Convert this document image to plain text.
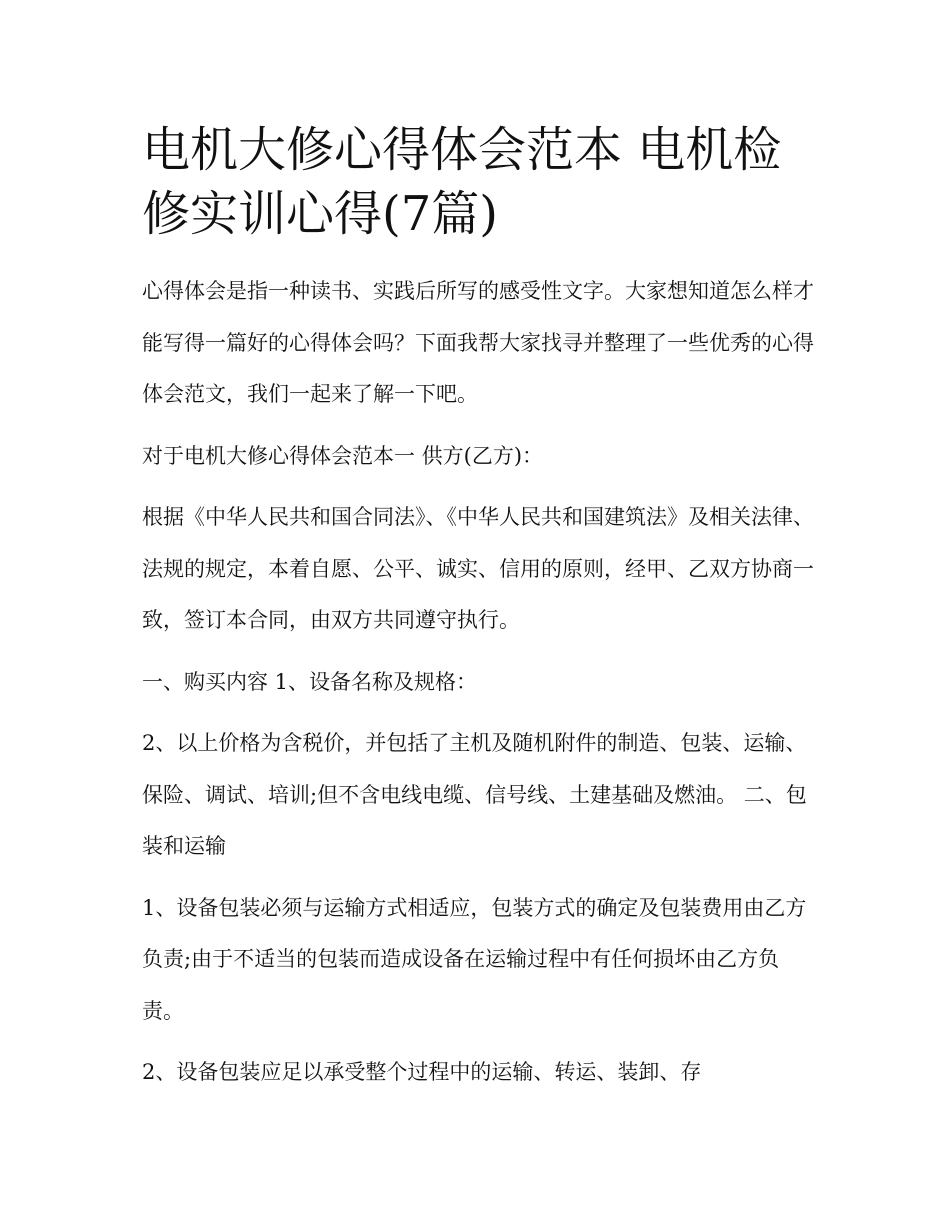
电机大修心得体会范本 电机检修实训心得(7篇)

心得体会是指一种读书、实践后所写的感受性文字。大家想知道怎么样才能写得一篇好的心得体会吗？下面我帮大家找寻并整理了一些优秀的心得体会范文，我们一起来了解一下吧。

对于电机大修心得体会范本一 供方(乙方)：

根据《中华人民共和国合同法》、《中华人民共和国建筑法》及相关法律、法规的规定，本着自愿、公平、诚实、信用的原则，经甲、乙双方协商一致，签订本合同，由双方共同遵守执行。

一、购买内容 1、设备名称及规格：

2、以上价格为含税价，并包括了主机及随机附件的制造、包装、运输、保险、调试、培训;但不含电线电缆、信号线、土建基础及燃油。 二、包装和运输

1、设备包装必须与运输方式相适应，包装方式的确定及包装费用由乙方负责;由于不适当的包装而造成设备在运输过程中有任何损坏由乙方负责。

2、设备包装应足以承受整个过程中的运输、转运、装卸、存
